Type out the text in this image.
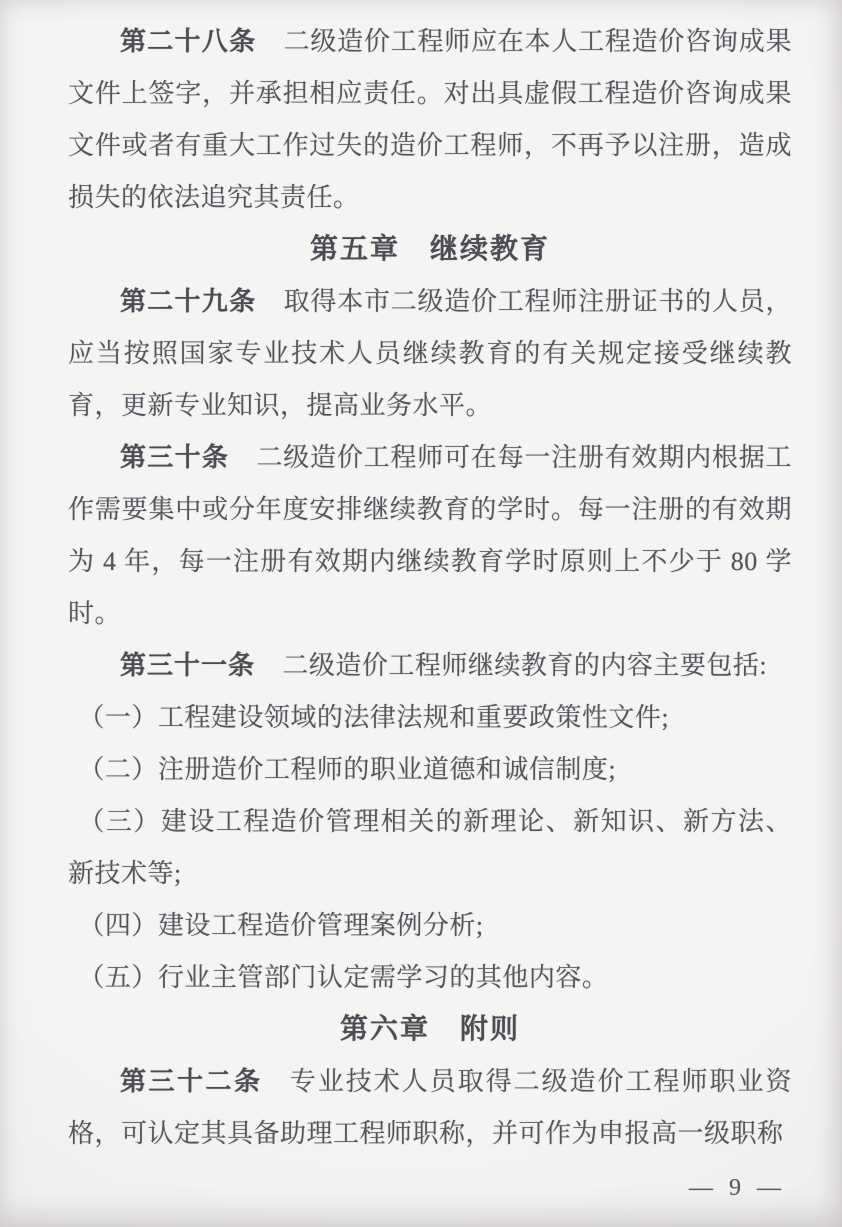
第二十八条 二级造价工程师应在本人工程造价咨询成果文件上签字，并承担相应责任。对出具虚假工程造价咨询成果文件或者有重大工作过失的造价工程师，不再予以注册，造成损失的依法追究其责任。
第五章　继续教育
第二十九条 取得本市二级造价工程师注册证书的人员，应当按照国家专业技术人员继续教育的有关规定接受继续教育，更新专业知识，提高业务水平。
第三十条 二级造价工程师可在每一注册有效期内根据工作需要集中或分年度安排继续教育的学时。每一注册的有效期为 4 年，每一注册有效期内继续教育学时原则上不少于 80 学时。
第三十一条 二级造价工程师继续教育的内容主要包括:
（一）工程建设领域的法律法规和重要政策性文件;
（二）注册造价工程师的职业道德和诚信制度;
（三）建设工程造价管理相关的新理论、新知识、新方法、新技术等;
（四）建设工程造价管理案例分析;
（五）行业主管部门认定需学习的其他内容。
第六章　附则
第三十二条 专业技术人员取得二级造价工程师职业资格，可认定其具备助理工程师职称，并可作为申报高一级职称
— 9 —
